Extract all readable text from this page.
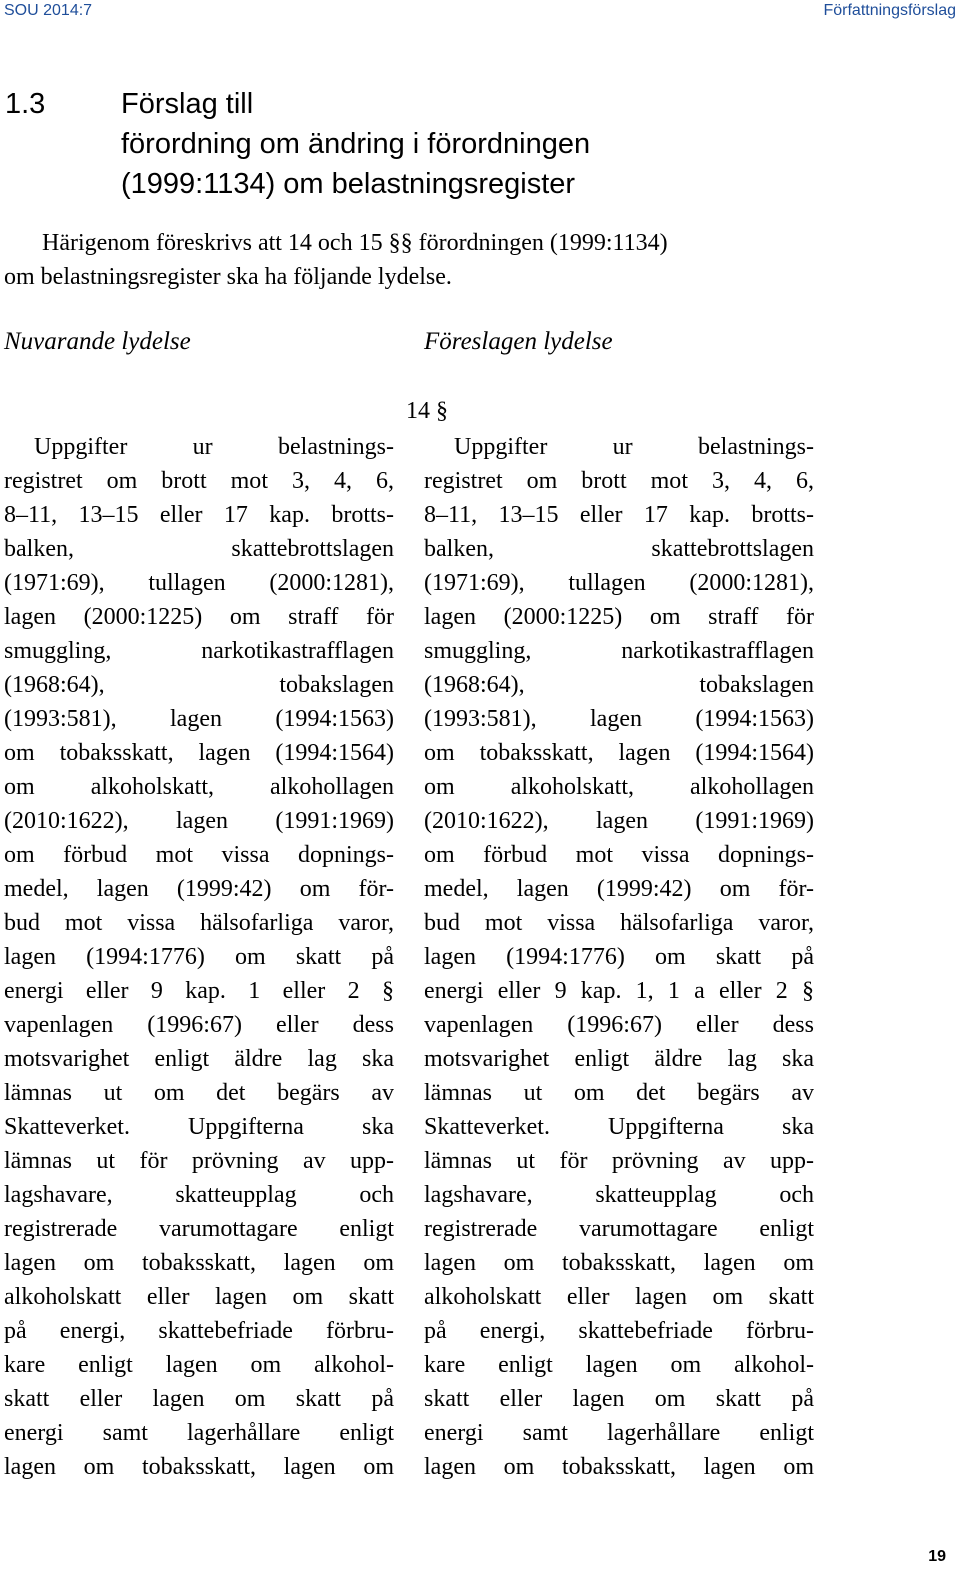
SOU 2014:7	Författningsförslag
1.3	Förslag till
förordning om ändring i förordningen
(1999:1134) om belastningsregister
Härigenom föreskrivs att 14 och 15 §§ förordningen (1999:1134)
om belastningsregister ska ha följande lydelse.
Nuvarande lydelse	Föreslagen lydelse
14 §
Uppgifter ur belastnings-
registret om brott mot 3, 4, 6,
8–11, 13–15 eller 17 kap. brotts-
balken, skattebrottslagen
(1971:69), tullagen (2000:1281),
lagen (2000:1225) om straff för
smuggling, narkotikastrafflagen
(1968:64), tobakslagen
(1993:581), lagen (1994:1563)
om tobaksskatt, lagen (1994:1564)
om alkoholskatt, alkohollagen
(2010:1622), lagen (1991:1969)
om förbud mot vissa dopnings-
medel, lagen (1999:42) om för-
bud mot vissa hälsofarliga varor,
lagen (1994:1776) om skatt på
energi eller 9 kap. 1 eller 2 §
vapenlagen (1996:67) eller dess
motsvarighet enligt äldre lag ska
lämnas ut om det begärs av
Skatteverket. Uppgifterna ska
lämnas ut för prövning av upp-
lagshavare, skatteupplag och
registrerade varumottagare enligt
lagen om tobaksskatt, lagen om
alkoholskatt eller lagen om skatt
på energi, skattebefriade förbru-
kare enligt lagen om alkohol-
skatt eller lagen om skatt på
energi samt lagerhållare enligt
lagen om tobaksskatt, lagen om
Uppgifter ur belastnings-
registret om brott mot 3, 4, 6,
8–11, 13–15 eller 17 kap. brotts-
balken, skattebrottslagen
(1971:69), tullagen (2000:1281),
lagen (2000:1225) om straff för
smuggling, narkotikastrafflagen
(1968:64), tobakslagen
(1993:581), lagen (1994:1563)
om tobaksskatt, lagen (1994:1564)
om alkoholskatt, alkohollagen
(2010:1622), lagen (1991:1969)
om förbud mot vissa dopnings-
medel, lagen (1999:42) om för-
bud mot vissa hälsofarliga varor,
lagen (1994:1776) om skatt på
energi eller 9 kap. 1, 1 a eller 2 §
vapenlagen (1996:67) eller dess
motsvarighet enligt äldre lag ska
lämnas ut om det begärs av
Skatteverket. Uppgifterna ska
lämnas ut för prövning av upp-
lagshavare, skatteupplag och
registrerade varumottagare enligt
lagen om tobaksskatt, lagen om
alkoholskatt eller lagen om skatt
på energi, skattebefriade förbru-
kare enligt lagen om alkohol-
skatt eller lagen om skatt på
energi samt lagerhållare enligt
lagen om tobaksskatt, lagen om
19
